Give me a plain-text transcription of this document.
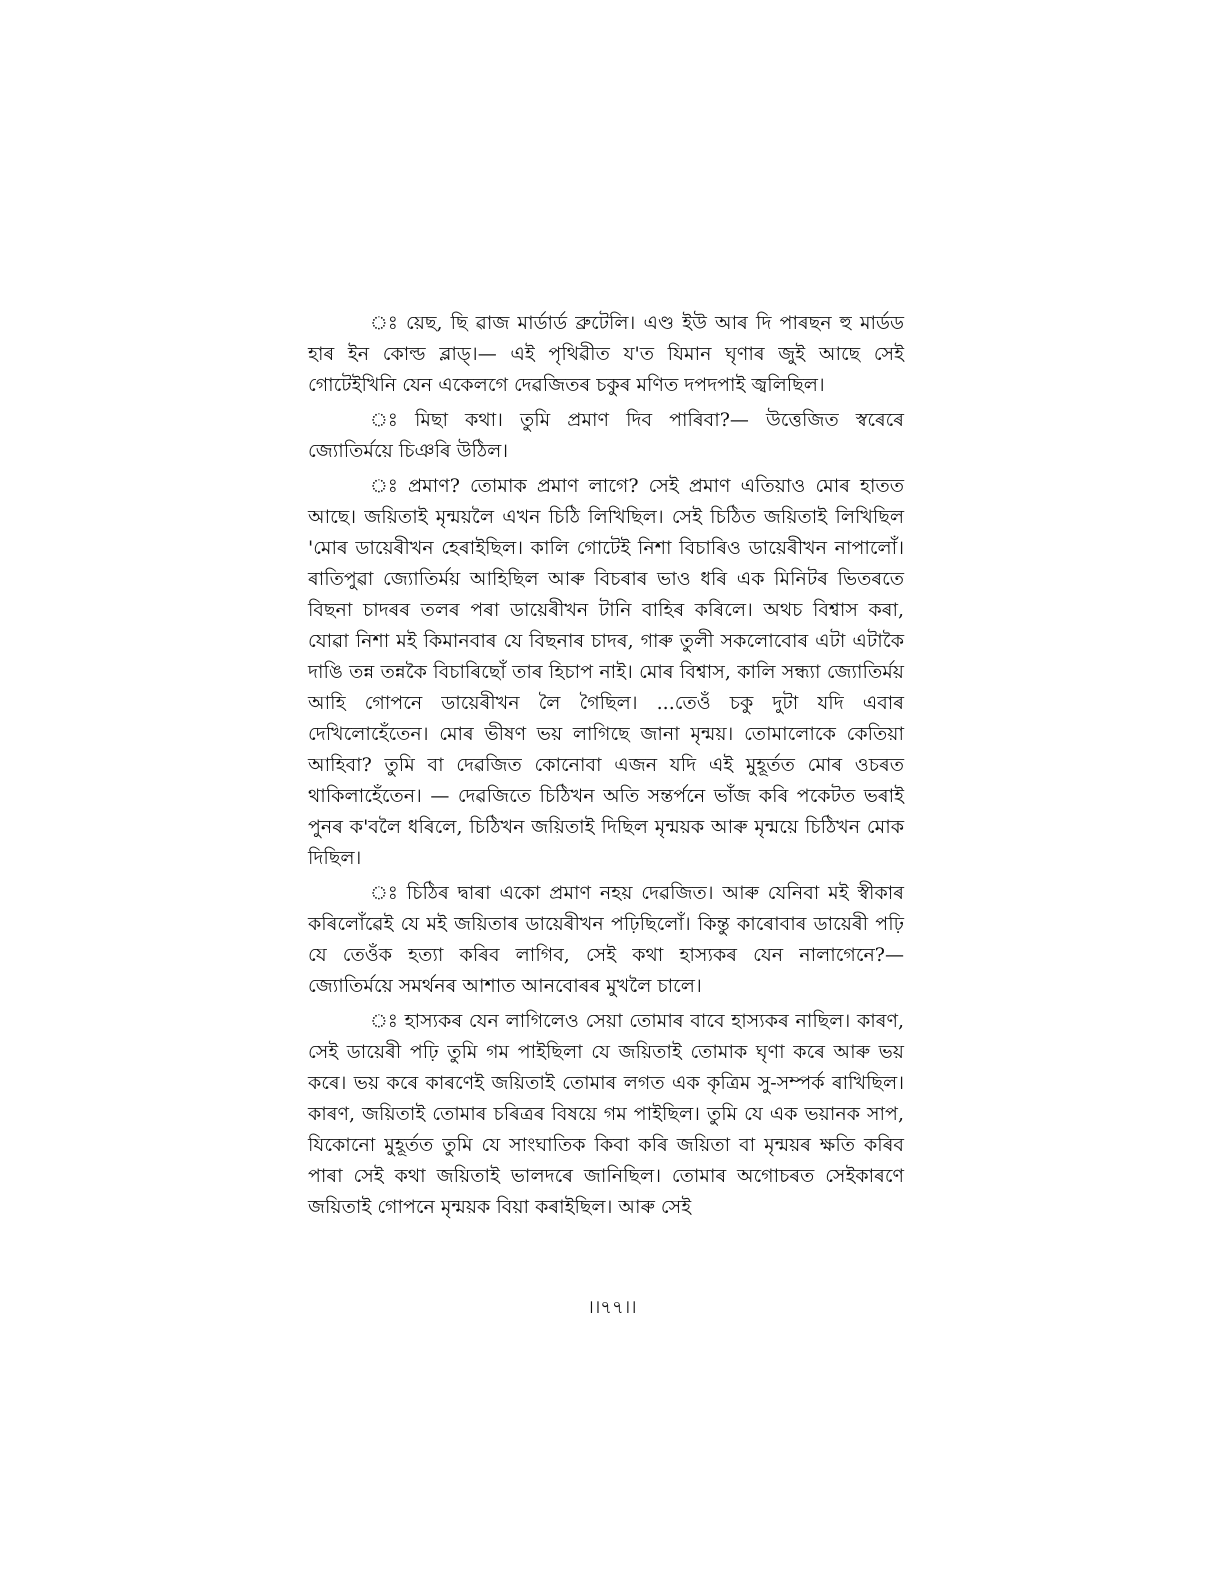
ঃ য়েছ, ছি ৱাজ মাৰ্ডাৰ্ড ব্ৰুটেলি। এণ্ড ইউ আৰ দি পাৰছন হু মাৰ্ডড হাৰ ইন কোল্ড ব্লাড্।— এই পৃথিৱীত য'ত যিমান ঘৃণাৰ জুই আছে সেই গোটেইখিনি যেন একেলগে দেৱজিতৰ চকুৰ মণিত দপদপাই জ্বলিছিল।

ঃ মিছা কথা। তুমি প্ৰমাণ দিব পাৰিবা?— উত্তেজিত স্বৰেৰে জ্যোতিৰ্ময়ে চিঞৰি উঠিল।

ঃ প্ৰমাণ? তোমাক প্ৰমাণ লাগে? সেই প্ৰমাণ এতিয়াও মোৰ হাতত আছে। জয়িতাই মৃন্ময়লৈ এখন চিঠি লিখিছিল। সেই চিঠিত জয়িতাই লিখিছিল 'মোৰ ডায়েৰীখন হেৰাইছিল। কালি গোটেই নিশা বিচাৰিও ডায়েৰীখন নাপালোঁ। ৰাতিপুৱা জ্যোতিৰ্ময় আহিছিল আৰু বিচৰাৰ ভাও ধৰি এক মিনিটৰ ভিতৰতে বিছনা চাদৰৰ তলৰ পৰা ডায়েৰীখন টানি বাহিৰ কৰিলে। অথচ বিশ্বাস কৰা, যোৱা নিশা মই কিমানবাৰ যে বিছনাৰ চাদৰ, গাৰু তুলী সকলোবোৰ এটা এটাকৈ দাঙি তন্ন তন্নকৈ বিচাৰিছোঁ তাৰ হিচাপ নাই। মোৰ বিশ্বাস, কালি সন্ধ্যা জ্যোতিৰ্ময় আহি গোপনে ডায়েৰীখন লৈ গৈছিল। ...তেওঁ চকু দুটা যদি এবাৰ দেখিলোহেঁতেন। মোৰ ভীষণ ভয় লাগিছে জানা মৃন্ময়। তোমালোকে কেতিয়া আহিবা? তুমি বা দেৱজিত কোনোবা এজন যদি এই মুহূৰ্তত মোৰ ওচৰত থাকিলাহেঁতেন। — দেৱজিতে চিঠিখন অতি সন্তৰ্পনে ভাঁজ কৰি পকেটত ভৰাই পুনৰ ক'বলৈ ধৰিলে, চিঠিখন জয়িতাই দিছিল মৃন্ময়ক আৰু মৃন্ময়ে চিঠিখন মোক দিছিল।

ঃ চিঠিৰ দ্বাৰা একো প্ৰমাণ নহয় দেৱজিত। আৰু যেনিবা মই স্বীকাৰ কৰিলোঁৱেই যে মই জয়িতাৰ ডায়েৰীখন পঢ়িছিলোঁ। কিন্তু কাৰোবাৰ ডায়েৰী পঢ়ি যে তেওঁক হত্যা কৰিব লাগিব, সেই কথা হাস্যকৰ যেন নালাগেনে?— জ্যোতিৰ্ময়ে সমৰ্থনৰ আশাত আনবোৰৰ মুখলৈ চালে।

ঃ হাস্যকৰ যেন লাগিলেও সেয়া তোমাৰ বাবে হাস্যকৰ নাছিল। কাৰণ, সেই ডায়েৰী পঢ়ি তুমি গম পাইছিলা যে জয়িতাই তোমাক ঘৃণা কৰে আৰু ভয় কৰে। ভয় কৰে কাৰণেই জয়িতাই তোমাৰ লগত এক কৃত্ৰিম সু-সম্পৰ্ক ৰাখিছিল। কাৰণ, জয়িতাই তোমাৰ চৰিত্ৰৰ বিষয়ে গম পাইছিল। তুমি যে এক ভয়ানক সাপ, যিকোনো মুহূৰ্তত তুমি যে সাংঘাতিক কিবা কৰি জয়িতা বা মৃন্ময়ৰ ক্ষতি কৰিব পাৰা সেই কথা জয়িতাই ভালদৰে জানিছিল। তোমাৰ অগোচৰত সেইকাৰণে জয়িতাই গোপনে মৃন্ময়ক বিয়া কৰাইছিল। আৰু সেই

।।৭৭।।
